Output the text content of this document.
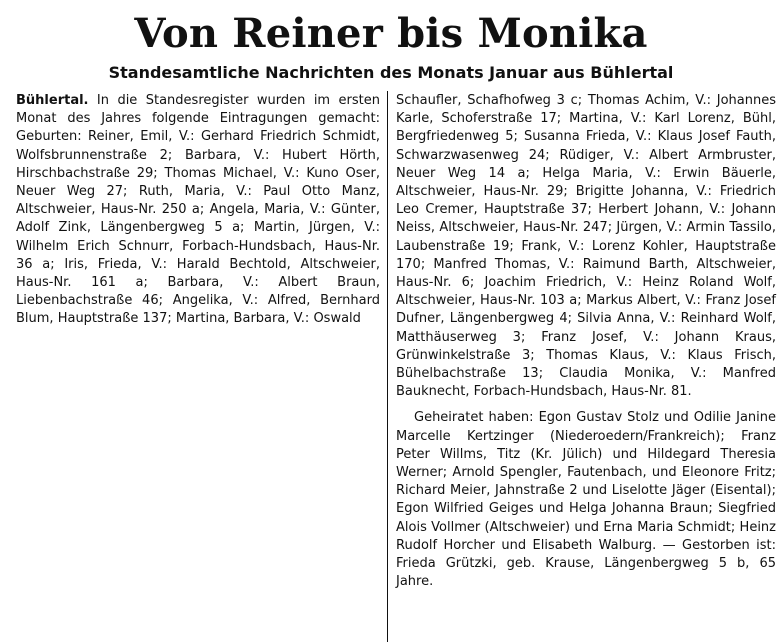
Von Reiner bis Monika
Standesamtliche Nachrichten des Monats Januar aus Bühlertal

Bühlertal. In die Standesregister wurden im ersten Monat des Jahres folgende Eintragungen gemacht: Geburten: Reiner, Emil, V.: Gerhard Friedrich Schmidt, Wolfsbrunnenstraße 2; Barbara, V.: Hubert Hörth, Hirschbachstraße 29; Thomas Michael, V.: Kuno Oser, Neuer Weg 27; Ruth, Maria, V.: Paul Otto Manz, Altschweier, Haus-Nr. 250 a; Angela, Maria, V.: Günter, Adolf Zink, Längenbergweg 5 a; Martin, Jürgen, V.: Wilhelm Erich Schnurr, Forbach-Hundsbach, Haus-Nr. 36 a; Iris, Frieda, V.: Harald Bechtold, Altschweier, Haus-Nr. 161 a; Barbara, V.: Albert Braun, Liebenbachstraße 46; Angelika, V.: Alfred, Bernhard Blum, Hauptstraße 137; Martina, Barbara, V.: Oswald

Schaufler, Schafhofweg 3 c; Thomas Achim, V.: Johannes Karle, Schoferstraße 17; Martina, V.: Karl Lorenz, Bühl, Bergfriedenweg 5; Susanna Frieda, V.: Klaus Josef Fauth, Schwarzwasenweg 24; Rüdiger, V.: Albert Armbruster, Neuer Weg 14 a; Helga Maria, V.: Erwin Bäuerle, Altschweier, Haus-Nr. 29; Brigitte Johanna, V.: Friedrich Leo Cremer, Hauptstraße 37; Herbert Johann, V.: Johann Neiss, Altschweier, Haus-Nr. 247; Jürgen, V.: Armin Tassilo, Laubenstraße 19; Frank, V.: Lorenz Kohler, Hauptstraße 170; Manfred Thomas, V.: Raimund Barth, Altschweier, Haus-Nr. 6; Joachim Friedrich, V.: Heinz Roland Wolf, Altschweier, Haus-Nr. 103 a; Markus Albert, V.: Franz Josef Dufner, Längenbergweg 4; Silvia Anna, V.: Reinhard Wolf, Matthäuserweg 3; Franz Josef, V.: Johann Kraus, Grünwinkelstraße 3; Thomas Klaus, V.: Klaus Frisch, Bühelbachstraße 13; Claudia Monika, V.: Manfred Bauknecht, Forbach-Hundsbach, Haus-Nr. 81.

Geheiratet haben: Egon Gustav Stolz und Odilie Janine Marcelle Kertzinger (Niederoedern/Frankreich); Franz Peter Willms, Titz (Kr. Jülich) und Hildegard Theresia Werner; Arnold Spengler, Fautenbach, und Eleonore Fritz; Richard Meier, Jahnstraße 2 und Liselotte Jäger (Eisental); Egon Wilfried Geiges und Helga Johanna Braun; Siegfried Alois Vollmer (Altschweier) und Erna Maria Schmidt; Heinz Rudolf Horcher und Elisabeth Walburg. — Gestorben ist: Frieda Grützki, geb. Krause, Längenbergweg 5 b, 65 Jahre.
